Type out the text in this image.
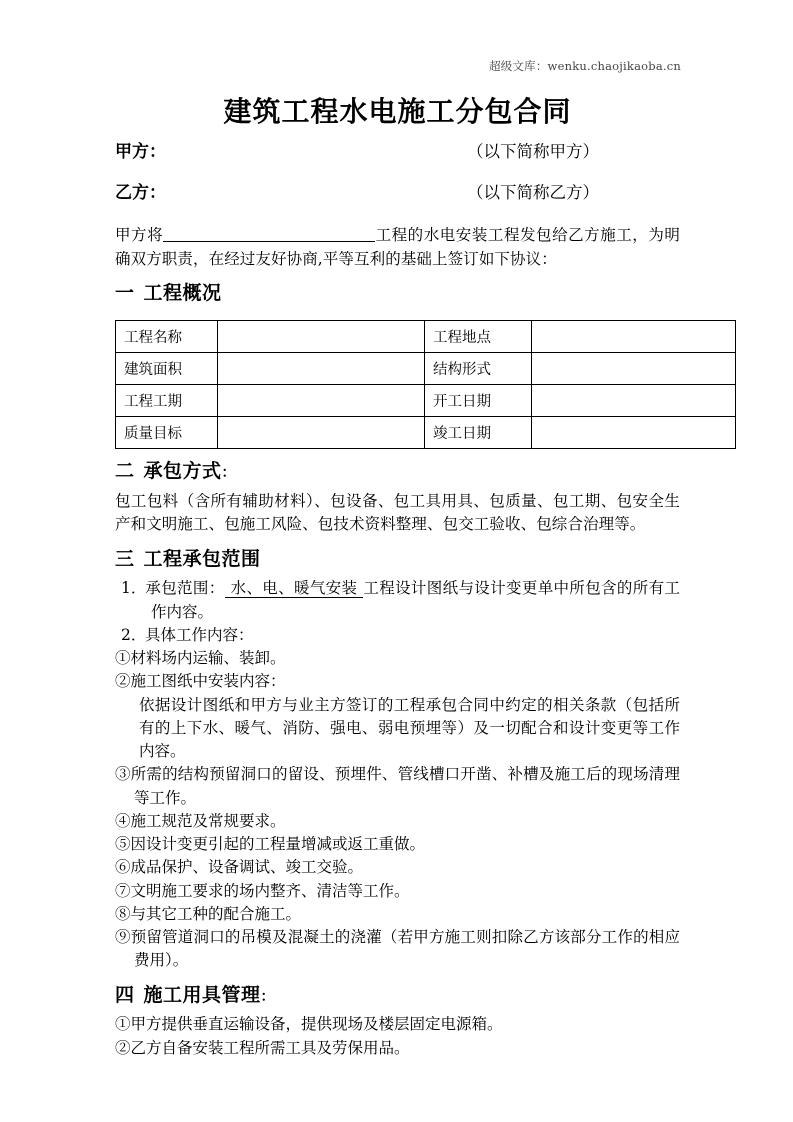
超级文库：wenku.chaojikaoba.cn
建筑工程水电施工分包合同
甲方：	（以下简称甲方）
乙方：	（以下简称乙方）

甲方将	工程的水电安装工程发包给乙方施工，为明确双方职责，在经过友好协商,平等互利的基础上签订如下协议：

一 工程概况
工程名称		工程地点	
建筑面积		结构形式	
工程工期		开工日期	
质量目标		竣工日期	
二 承包方式：

包工包料（含所有辅助材料）、包设备、包工具用具、包质量、包工期、包安全生产和文明施工、包施工风险、包技术资料整理、包交工验收、包综合治理等。

三 工程承包范围

1．承包范围： 水、电、暖气安装 工程设计图纸与设计变更单中所包含的所有工作内容。

2．具体工作内容：

①材料场内运输、装卸。

②施工图纸中安装内容：

依据设计图纸和甲方与业主方签订的工程承包合同中约定的相关条款（包括所有的上下水、暖气、消防、强电、弱电预埋等）及一切配合和设计变更等工作内容。

③所需的结构预留洞口的留设、预埋件、管线槽口开凿、补槽及施工后的现场清理等工作。

④施工规范及常规要求。

⑤因设计变更引起的工程量增减或返工重做。

⑥成品保护、设备调试、竣工交验。

⑦文明施工要求的场内整齐、清洁等工作。

⑧与其它工种的配合施工。

⑨预留管道洞口的吊模及混凝土的浇灌（若甲方施工则扣除乙方该部分工作的相应费用）。

四 施工用具管理：

①甲方提供垂直运输设备，提供现场及楼层固定电源箱。

②乙方自备安装工程所需工具及劳保用品。
